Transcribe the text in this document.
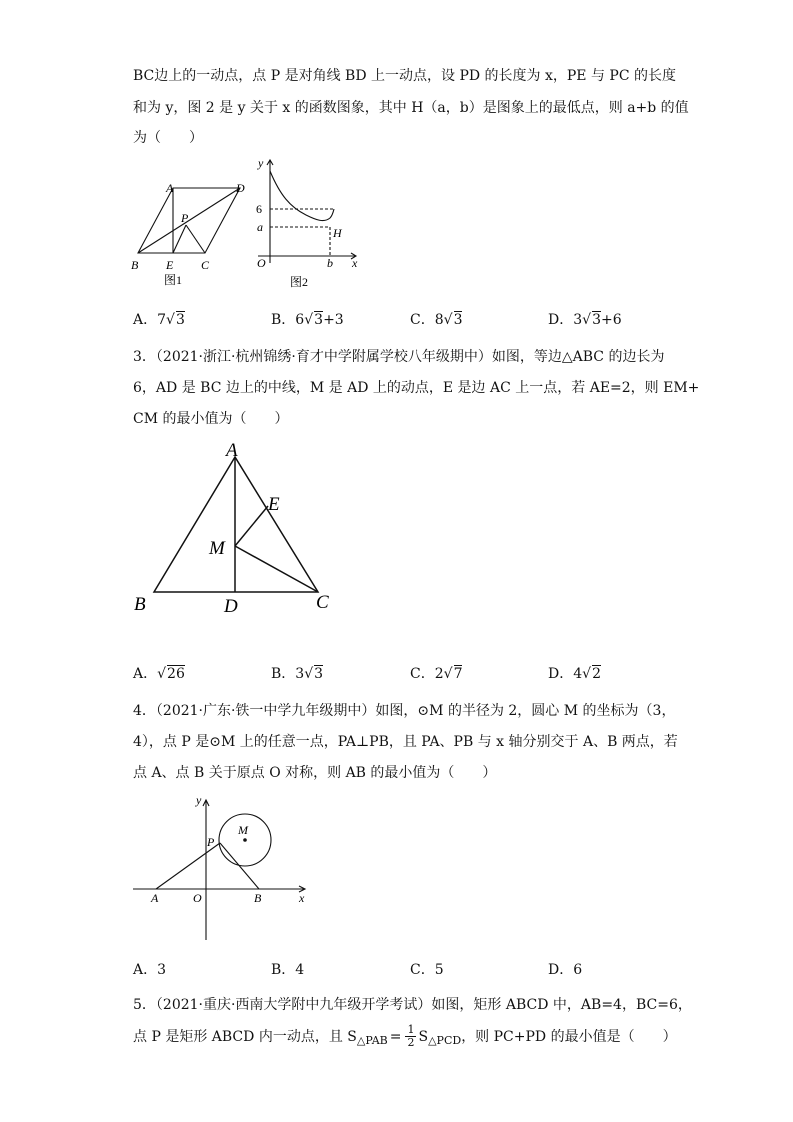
BC边上的一动点，点 P 是对角线 BD 上一动点，设 PD 的长度为 x，PE 与 PC 的长度
和为 y，图 2 是 y 关于 x 的函数图象，其中 H（a，b）是图象上的最低点，则 a+b 的值
为（　　）
A	D
P
B E C
图1
y
6
a	H
O	b x
图2
A．7√3	B．6√3+3	C．8√3	D．3√3+6
3．（2021·浙江·杭州锦绣·育才中学附属学校八年级期中）如图，等边△ABC 的边长为
6，AD 是 BC 边上的中线，M 是 AD 上的动点，E 是边 AC 上一点，若 AE=2，则 EM+
CM 的最小值为（　　）
A
E
M
B	D	C
A．√26	B．3√3	C．2√7	D．4√2
4．（2021·广东·铁一中学九年级期中）如图，⊙M 的半径为 2，圆心 M 的坐标为（3，
4），点 P 是⊙M 上的任意一点，PA⊥PB，且 PA、PB 与 x 轴分别交于 A、B 两点，若
点 A、点 B 关于原点 O 对称，则 AB 的最小值为（　　）
y
M
P
A	O	B	x
A．3	B．4	C．5	D．6
5．（2021·重庆·西南大学附中九年级开学考试）如图，矩形 ABCD 中，AB=4，BC=6，
点 P 是矩形 ABCD 内一动点，且 S △PAB = $\frac{1}{2}$ S △PCD ，则 PC+PD 的最小值是（　　）
